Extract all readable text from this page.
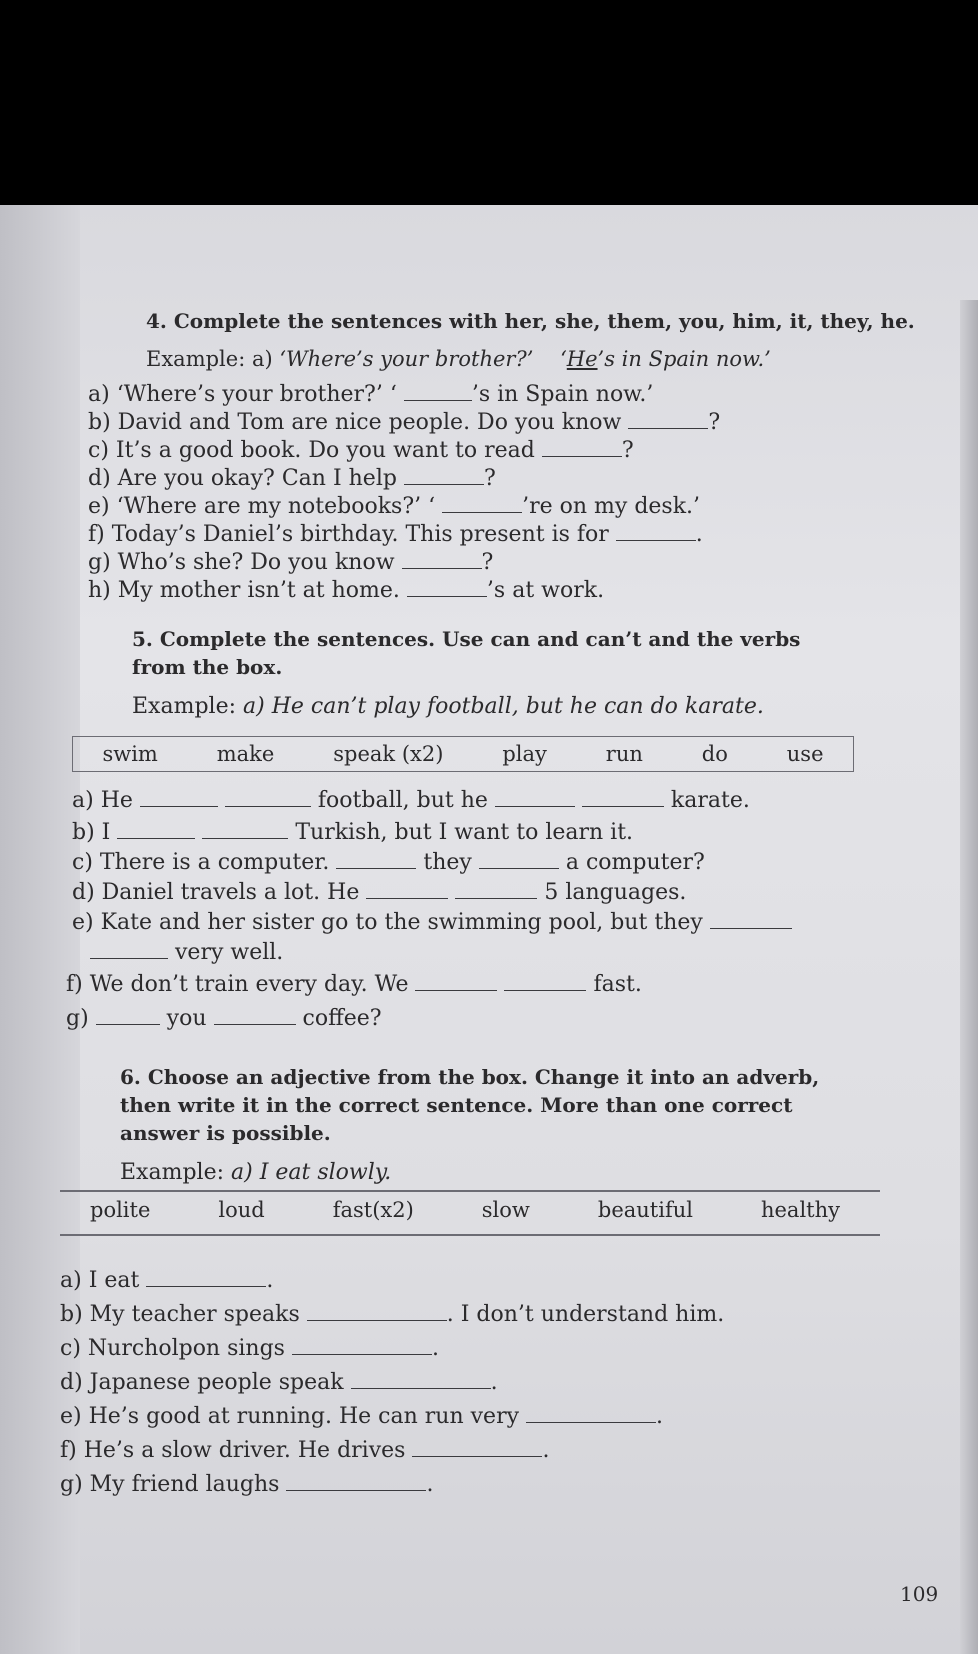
4. Complete the sentences with her, she, them, you, him, it, they, he.
Example: a) ‘Where’s your brother?’ ‘He’s in Spain now.’
a) ‘Where’s your brother?’ ‘	’s in Spain now.’
b) David and Tom are nice people. Do you know	?
c) It’s a good book. Do you want to read	?
d) Are you okay? Can I help	?
e) ‘Where are my notebooks?’ ‘	’re on my desk.’
f) Today’s Daniel’s birthday. This present is for	.
g) Who’s she? Do you know	?
h) My mother isn’t at home.	’s at work.
5. Complete the sentences. Use can and can’t and the verbs
from the box.
Example: a) He can’t play football, but he can do karate.
swim	make	speak (x2)	play	run	do	use
a) He	football, but he	karate.
b) I	Turkish, but I want to learn it.
c) There is a computer.	they	a computer?
d) Daniel travels a lot. He	5 languages.
e) Kate and her sister go to the swimming pool, but they
very well.
f) We don’t train every day. We	fast.
g)	you	coffee?
6. Choose an adjective from the box. Change it into an adverb,
then write it in the correct sentence. More than one correct
answer is possible.
Example: a) I eat slowly.
polite	loud	fast(x2)	slow	beautiful	healthy
a) I eat	.
b) My teacher speaks	. I don’t understand him.
c) Nurcholpon sings	.
d) Japanese people speak	.
e) He’s good at running. He can run very	.
f) He’s a slow driver. He drives	.
g) My friend laughs	.
109
